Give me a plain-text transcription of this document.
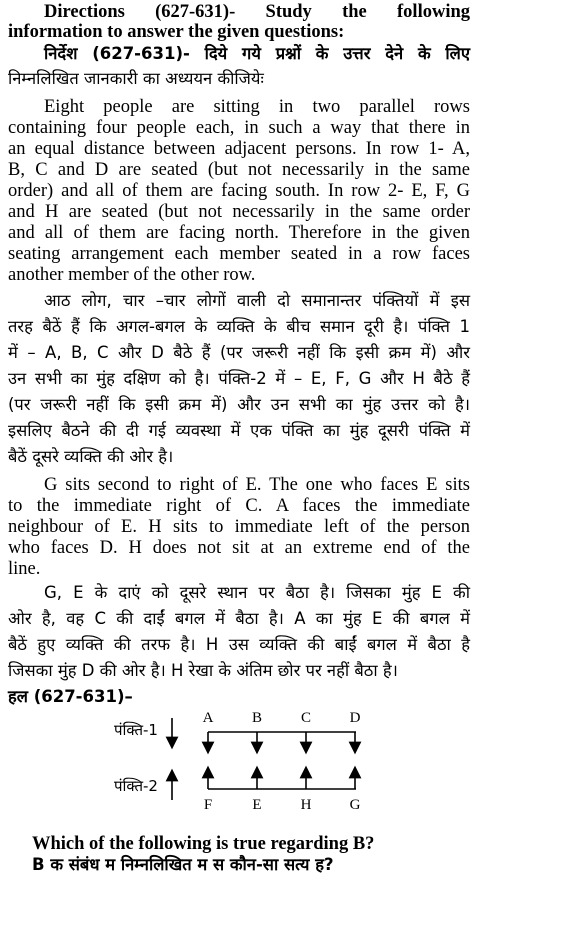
Directions (627-631)- Study the following
information to answer the given questions:
निर्देश (627-631)- दिये गये प्रश्नों के उत्तर देने के लिए
निम्नलिखित जानकारी का अध्ययन कीजियेः
Eight people are sitting in two parallel rows
containing four people each, in such a way that there in
an equal distance between adjacent persons. In row 1- A,
B, C and D are seated (but not necessarily in the same
order) and all of them are facing south. In row 2- E, F, G
and H are seated (but not necessarily in the same order
and all of them are facing north. Therefore in the given
seating arrangement each member seated in a row faces
another member of the other row.
आठ लोग, चार –चार लोगों वाली दो समानान्तर पंक्तियों में इस
तरह बैठें हैं कि अगल-बगल के व्यक्ति के बीच समान दूरी है। पंक्ति 1
में – A, B, C और D बैठे हैं (पर जरूरी नहीं कि इसी क्रम में) और
उन सभी का मुंह दक्षिण को है। पंक्ति-2 में – E, F, G और H बैठे हैं
(पर जरूरी नहीं कि इसी क्रम में) और उन सभी का मुंह उत्तर को है।
इसलिए बैठने की दी गई व्यवस्था में एक पंक्ति का मुंह दूसरी पंक्ति में
बैठें दूसरे व्यक्ति की ओर है।
G sits second to right of E. The one who faces E sits
to the immediate right of C. A faces the immediate
neighbour of E. H sits to immediate left of the person
who faces D. H does not sit at an extreme end of the
line.
G, E के दाएं को दूसरे स्थान पर बैठा है। जिसका मुंह E की
ओर है, वह C की दाईं बगल में बैठा है। A का मुंह E की बगल में
बैठें हुए व्यक्ति की तरफ है। H उस व्यक्ति की बाईं बगल में बैठा है
जिसका मुंह D की ओर है। H रेखा के अंतिम छोर पर नहीं बैठा है।
हल (627-631)–
पंक्ति-1
पंक्ति-2
A	B	C	D
F	E	H	G
Which of the following is true regarding B?
B क संबंध म निम्नलिखित म स कौन-सा सत्य ह?
